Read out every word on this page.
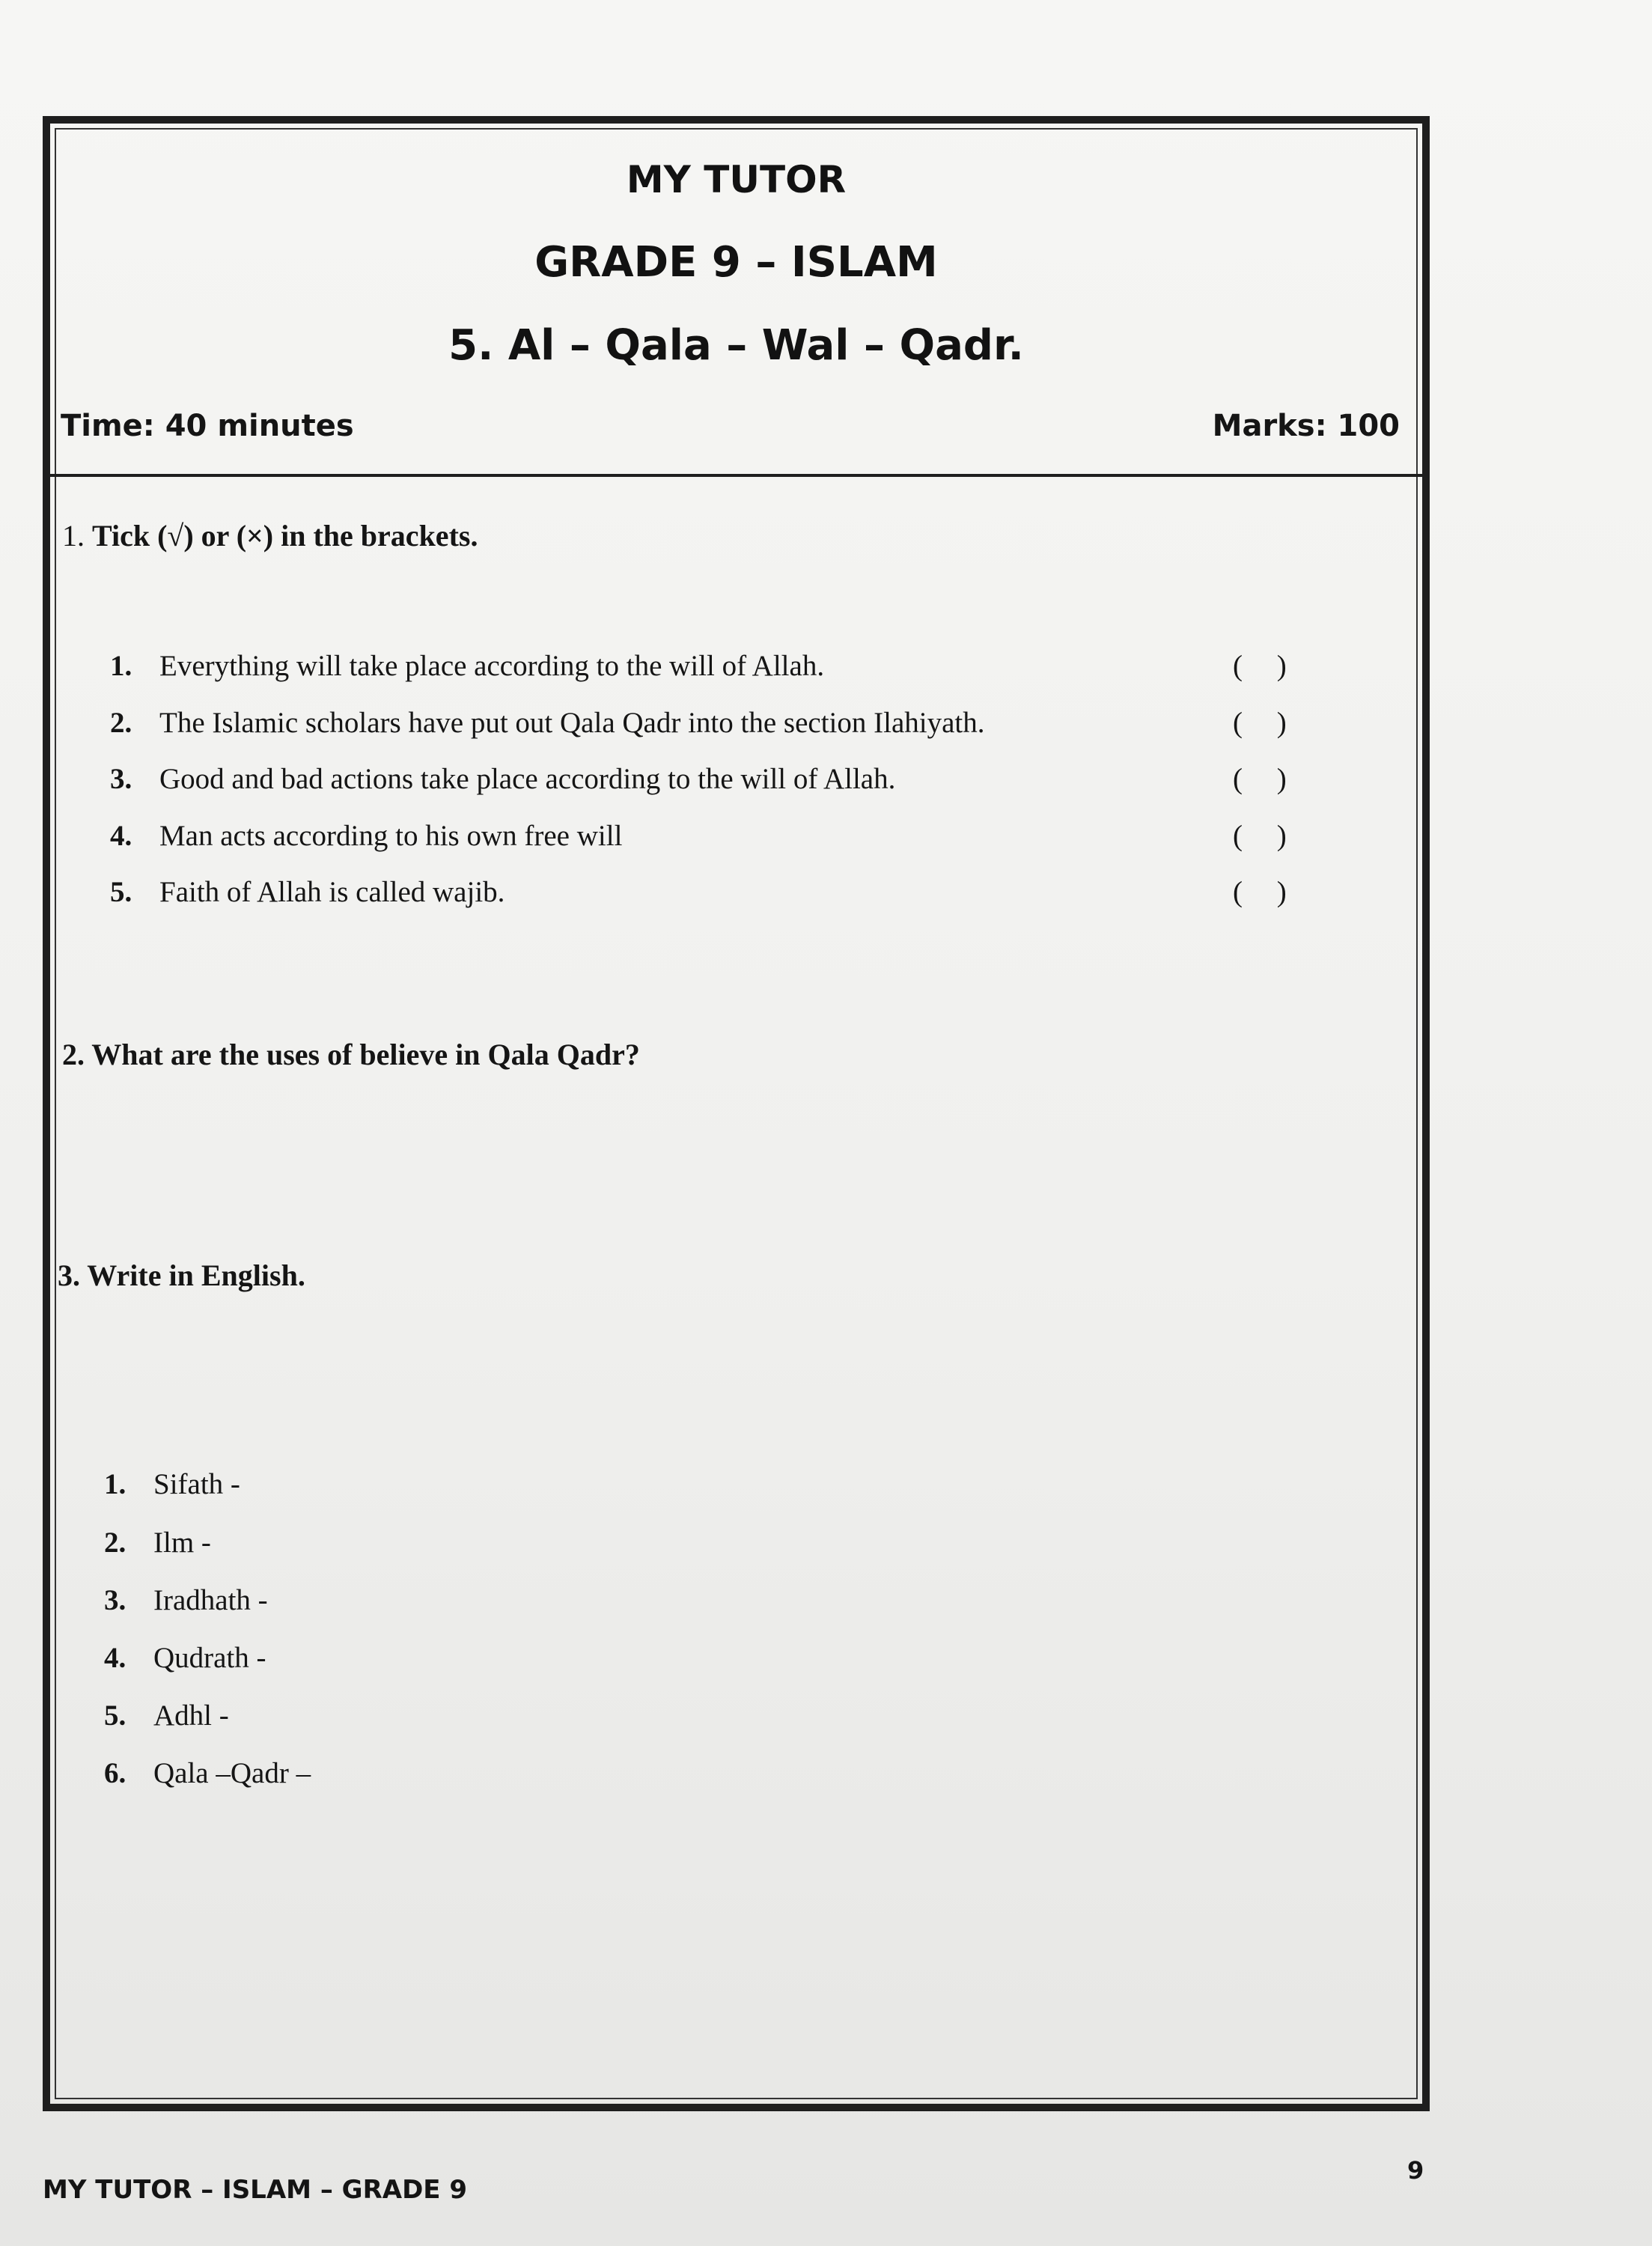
MY TUTOR
GRADE 9 – ISLAM
5. Al – Qala – Wal – Qadr.
Time: 40 minutes	Marks: 100
1. Tick (√) or (×) in the brackets.
1. Everything will take place according to the will of Allah.	( )
2. The Islamic scholars have put out Qala Qadr into the section Ilahiyath.	( )
3. Good and bad actions take place according to the will of Allah.	( )
4. Man acts according to his own free will	( )
5. Faith of Allah is called wajib.	( )
2. What are the uses of believe in Qala Qadr?
3. Write in English.
1. Sifath -
2. Ilm -
3. Iradhath -
4. Qudrath -
5. Adhl -
6. Qala –Qadr –
MY TUTOR – ISLAM – GRADE 9
9
